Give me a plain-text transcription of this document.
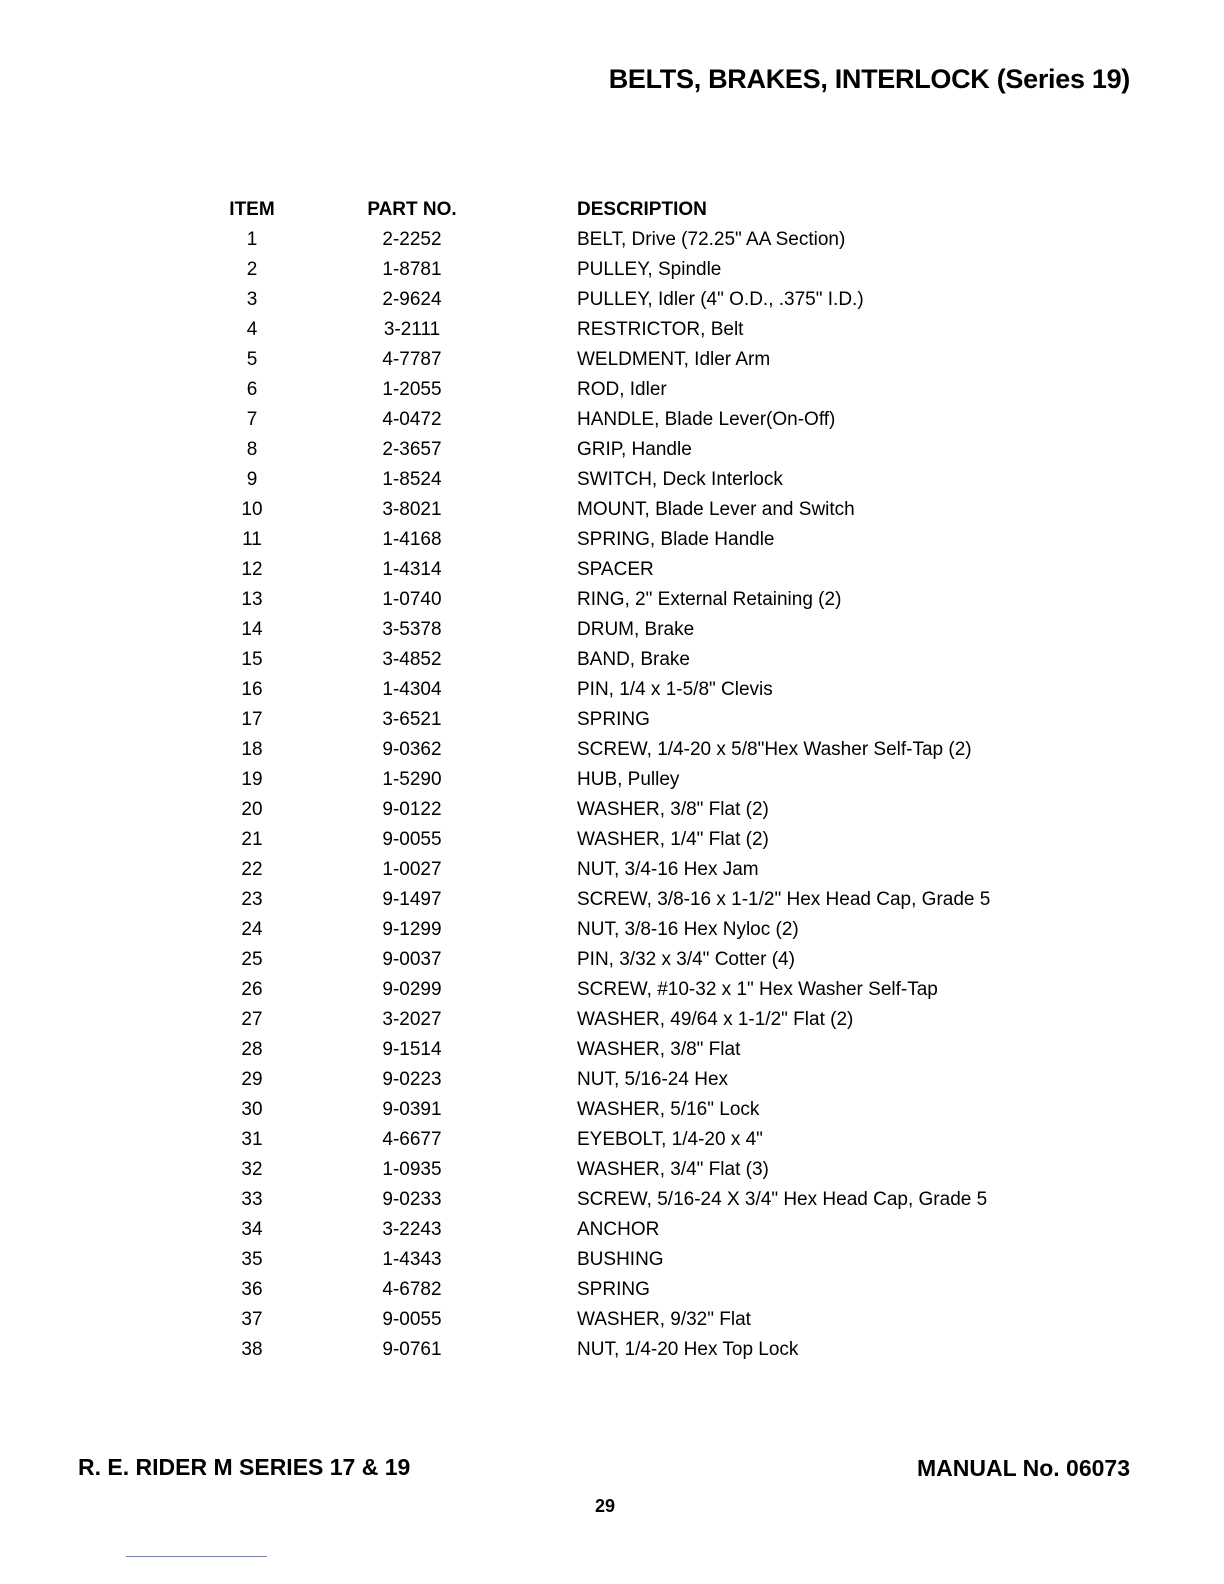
BELTS, BRAKES, INTERLOCK (Series 19)
ITEM	PART NO.	DESCRIPTION
1	2-2252	BELT, Drive (72.25" AA Section)
2	1-8781	PULLEY, Spindle
3	2-9624	PULLEY, Idler (4" O.D., .375" I.D.)
4	3-2111	RESTRICTOR, Belt
5	4-7787	WELDMENT, Idler Arm
6	1-2055	ROD, Idler
7	4-0472	HANDLE, Blade Lever(On-Off)
8	2-3657	GRIP, Handle
9	1-8524	SWITCH, Deck Interlock
10	3-8021	MOUNT, Blade Lever and Switch
11	1-4168	SPRING, Blade Handle
12	1-4314	SPACER
13	1-0740	RING, 2" External Retaining (2)
14	3-5378	DRUM, Brake
15	3-4852	BAND, Brake
16	1-4304	PIN, 1/4 x 1-5/8" Clevis
17	3-6521	SPRING
18	9-0362	SCREW, 1/4-20 x 5/8"Hex Washer Self-Tap (2)
19	1-5290	HUB, Pulley
20	9-0122	WASHER, 3/8" Flat (2)
21	9-0055	WASHER, 1/4" Flat (2)
22	1-0027	NUT, 3/4-16 Hex Jam
23	9-1497	SCREW, 3/8-16 x 1-1/2" Hex Head Cap, Grade 5
24	9-1299	NUT, 3/8-16 Hex Nyloc (2)
25	9-0037	PIN, 3/32 x 3/4" Cotter (4)
26	9-0299	SCREW, #10-32 x 1" Hex Washer Self-Tap
27	3-2027	WASHER, 49/64 x 1-1/2" Flat (2)
28	9-1514	WASHER, 3/8" Flat
29	9-0223	NUT, 5/16-24 Hex
30	9-0391	WASHER, 5/16" Lock
31	4-6677	EYEBOLT, 1/4-20 x 4"
32	1-0935	WASHER, 3/4" Flat (3)
33	9-0233	SCREW, 5/16-24 X 3/4" Hex Head Cap, Grade 5
34	3-2243	ANCHOR
35	1-4343	BUSHING
36	4-6782	SPRING
37	9-0055	WASHER, 9/32" Flat
38	9-0761	NUT, 1/4-20 Hex Top Lock
R. E. RIDER M SERIES 17 & 19	MANUAL No. 06073
29
